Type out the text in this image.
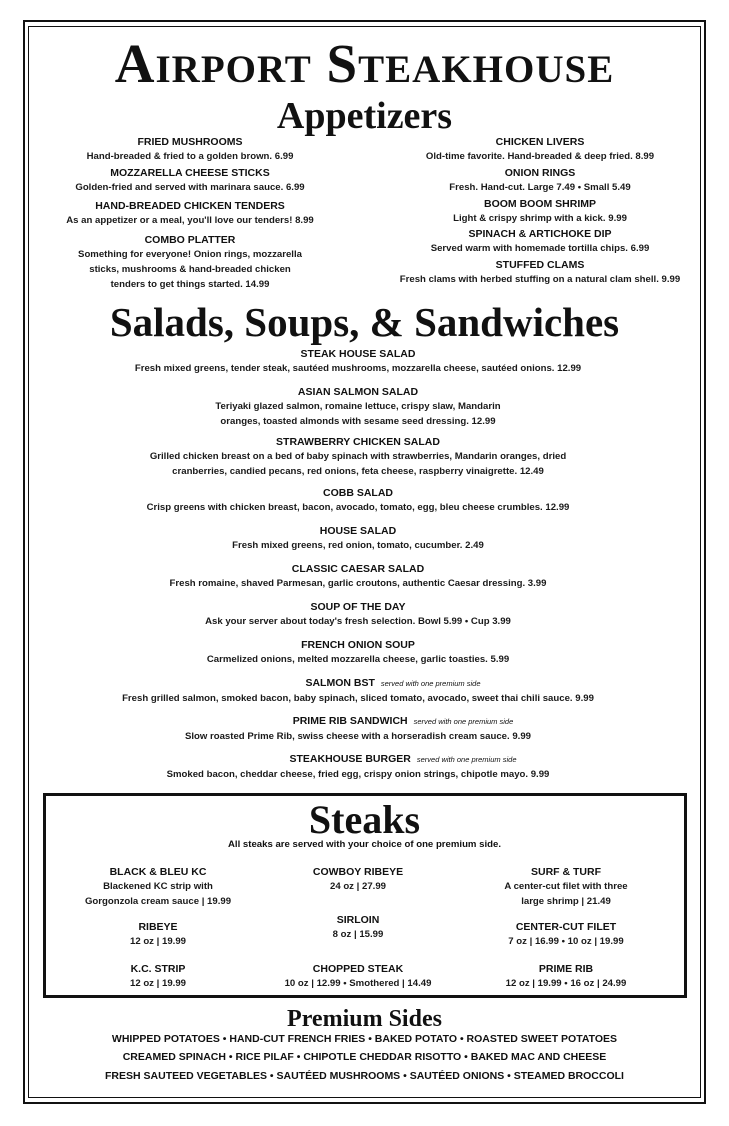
Airport Steakhouse
Appetizers
FRIED MUSHROOMS
Hand-breaded & fried to a golden brown. 6.99
MOZZARELLA CHEESE STICKS
Golden-fried and served with marinara sauce. 6.99
HAND-BREADED CHICKEN TENDERS
As an appetizer or a meal, you'll love our tenders! 8.99
COMBO PLATTER
Something for everyone! Onion rings, mozzarella
sticks, mushrooms & hand-breaded chicken
tenders to get things started. 14.99
CHICKEN LIVERS
Old-time favorite. Hand-breaded & deep fried. 8.99
ONION RINGS
Fresh. Hand-cut. Large 7.49 • Small 5.49
BOOM BOOM SHRIMP
Light & crispy shrimp with a kick. 9.99
SPINACH & ARTICHOKE DIP
Served warm with homemade tortilla chips. 6.99
STUFFED CLAMS
Fresh clams with herbed stuffing on a natural clam shell. 9.99
Salads, Soups, & Sandwiches
STEAK HOUSE SALAD
Fresh mixed greens, tender steak, sautéed mushrooms, mozzarella cheese, sautéed onions. 12.99
ASIAN SALMON SALAD
Teriyaki glazed salmon, romaine lettuce, crispy slaw, Mandarin
oranges, toasted almonds with sesame seed dressing. 12.99
STRAWBERRY CHICKEN SALAD
Grilled chicken breast on a bed of baby spinach with strawberries, Mandarin oranges, dried
cranberries, candied pecans, red onions, feta cheese, raspberry vinaigrette. 12.49
COBB SALAD
Crisp greens with chicken breast, bacon, avocado, tomato, egg, bleu cheese crumbles. 12.99
HOUSE SALAD
Fresh mixed greens, red onion, tomato, cucumber. 2.49
CLASSIC CAESAR SALAD
Fresh romaine, shaved Parmesan, garlic croutons, authentic Caesar dressing. 3.99
SOUP OF THE DAY
Ask your server about today's fresh selection. Bowl 5.99 • Cup 3.99
FRENCH ONION SOUP
Carmelized onions, melted mozzarella cheese, garlic toasties. 5.99
SALMON BST served with one premium side
Fresh grilled salmon, smoked bacon, baby spinach, sliced tomato, avocado, sweet thai chili sauce. 9.99
PRIME RIB SANDWICH served with one premium side
Slow roasted Prime Rib, swiss cheese with a horseradish cream sauce. 9.99
STEAKHOUSE BURGER served with one premium side
Smoked bacon, cheddar cheese, fried egg, crispy onion strings, chipotle mayo. 9.99
Steaks
All steaks are served with your choice of one premium side.
BLACK & BLEU KC
Blackened KC strip with
Gorgonzola cream sauce | 19.99
COWBOY RIBEYE
24 oz | 27.99
SURF & TURF
A center-cut filet with three
large shrimp | 21.49
RIBEYE
12 oz | 19.99
SIRLOIN
8 oz | 15.99
CENTER-CUT FILET
7 oz | 16.99 • 10 oz | 19.99
K.C. STRIP
12 oz | 19.99
CHOPPED STEAK
10 oz | 12.99 • Smothered | 14.49
PRIME RIB
12 oz | 19.99 • 16 oz | 24.99
Premium Sides
WHIPPED POTATOES • HAND-CUT FRENCH FRIES • BAKED POTATO • ROASTED SWEET POTATOES
CREAMED SPINACH • RICE PILAF • CHIPOTLE CHEDDAR RISOTTO • BAKED MAC AND CHEESE
FRESH SAUTEED VEGETABLES • SAUTÉED MUSHROOMS • SAUTÉED ONIONS • STEAMED BROCCOLI
